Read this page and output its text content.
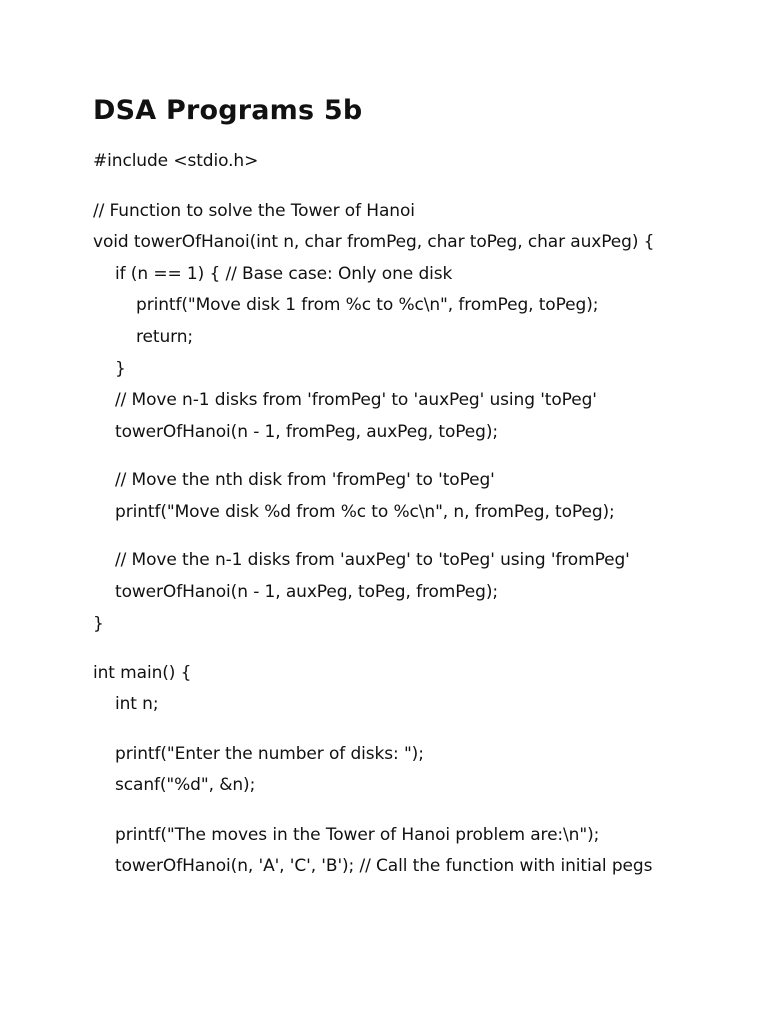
DSA Programs 5b
#include <stdio.h>
// Function to solve the Tower of Hanoi
void towerOfHanoi(int n, char fromPeg, char toPeg, char auxPeg) {
if (n == 1) { // Base case: Only one disk
printf("Move disk 1 from %c to %c\n", fromPeg, toPeg);
return;
}
// Move n-1 disks from 'fromPeg' to 'auxPeg' using 'toPeg'
towerOfHanoi(n - 1, fromPeg, auxPeg, toPeg);
// Move the nth disk from 'fromPeg' to 'toPeg'
printf("Move disk %d from %c to %c\n", n, fromPeg, toPeg);
// Move the n-1 disks from 'auxPeg' to 'toPeg' using 'fromPeg'
towerOfHanoi(n - 1, auxPeg, toPeg, fromPeg);
}
int main() {
int n;
printf("Enter the number of disks: ");
scanf("%d", &n);
printf("The moves in the Tower of Hanoi problem are:\n");
towerOfHanoi(n, 'A', 'C', 'B'); // Call the function with initial pegs
